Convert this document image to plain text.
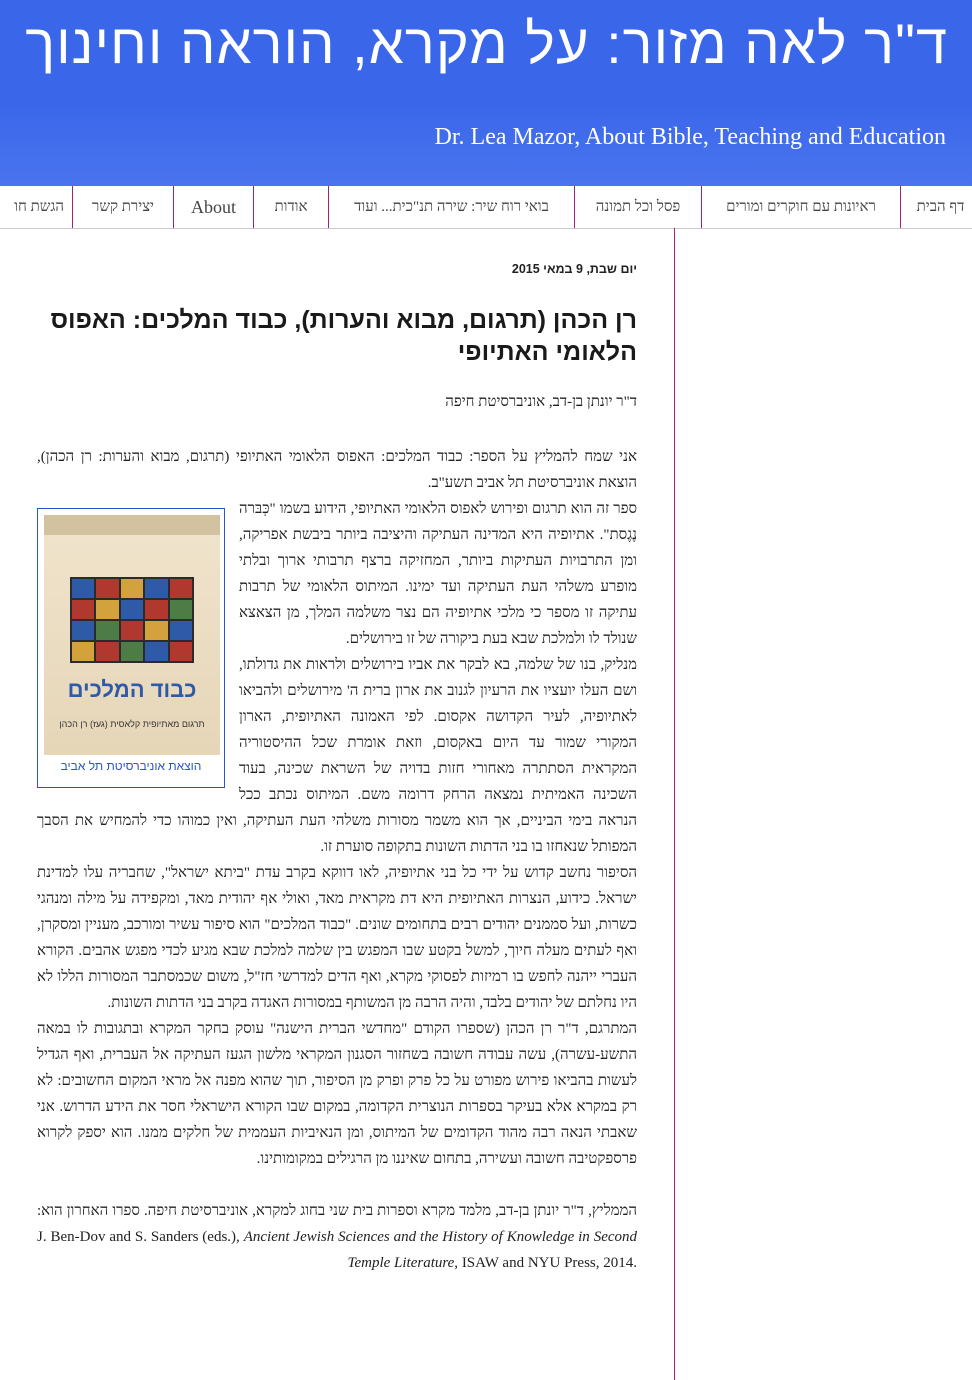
ד"ר לאה מזור: על מקרא, הוראה וחינוך
Dr. Lea Mazor, About Bible, Teaching and Education
דף הבית
ראיונות עם חוקרים ומורים
פסל וכל תמונה
בואי רוח שיר: שירה תנ"כית... ועוד
אודות
About
יצירת קשר
הגשת חו
יום שבת, 9 במאי 2015
רן הכהן (תרגום, מבוא והערות), כבוד המלכים: האפוס הלאומי האתיופי
ד"ר יונתן בן-דב, אוניברסיטת חיפה

אני שמח להמליץ על הספר: כבוד המלכים: האפוס הלאומי האתיופי (תרגום, מבוא והערות: רן הכהן), הוצאת אוניברסיטת תל אביב תשע"ב.

כבוד המלכים
תרגום מאתיופית קלאסית (געז) רן הכהן
הוצאת אוניברסיטת תל אביב

ספר זה הוא תרגום ופירוש לאפוס הלאומי האתיופי, הידוע בשמו "כְּבּרה נֶגֶסת". אתיופיה היא המדינה העתיקה והיציבה ביותר ביבשת אפריקה, ומן התרבויות העתיקות ביותר, המחזיקה ברצף תרבותי ארוך ובלתי מופרע משלהי העת העתיקה ועד ימינו. המיתוס הלאומי של תרבות עתיקה זו מספר כי מלכי אתיופיה הם נצר משלמה המלך, מן הצאצא שנולד לו ולמלכת שבא בעת ביקורה של זו בירושלים.

מנליק, בנו של שלמה, בא לבקר את אביו בירושלים ולראות את גדולתו, ושם העלו יועציו את הרעיון לגנוב את ארון ברית ה' מירושלים ולהביאו לאתיופיה, לעיר הקדושה אקסום. לפי האמונה האתיופית, הארון המקורי שמור עד היום באקסום, וזאת אומרת שכל ההיסטוריה המקראית הסתתרה מאחורי חזות בדויה של השראת שכינה, בעוד השכינה האמיתית נמצאה הרחק דרומה משם. המיתוס נכתב ככל הנראה בימי הביניים, אך הוא משמר מסורות משלהי העת העתיקה, ואין כמוהו כדי להמחיש את הסבך המפותל שנאחזו בו בני הדתות השונות בתקופה סוערת זו.

הסיפור נחשב קדוש על ידי כל בני אתיופיה, לאו דווקא בקרב עדת "ביתא ישראל", שחבריה עלו למדינת ישראל. כידוע, הנצרות האתיופית היא דת מקראית מאד, ואולי אף יהודית מאד, ומקפידה על מילה ומנהגי כשרות, ועל סממנים יהודים רבים בתחומים שונים. "כבוד המלכים" הוא סיפור עשיר ומורכב, מעניין ומסקרן, ואף לעתים מעלה חיוך, למשל בקטע שבו המפגש בין שלמה למלכת שבא מגיע לכדי מפגש אהבים. הקורא העברי ייהנה לחפש בו רמיזות לפסוקי מקרא, ואף הדים למדרשי חז"ל, משום שכמסתבר המסורות הללו לא היו נחלתם של יהודים בלבד, והיה הרבה מן המשותף במסורות האגדה בקרב בני הדתות השונות.

המתרגם, ד"ר רן הכהן (שספרו הקודם "מחדשי הברית הישנה" עוסק בחקר המקרא ובתגובות לו במאה התשע-עשרה), עשה עבודה חשובה בשחזור הסגנון המקראי מלשון הגעז העתיקה אל העברית, ואף הגדיל לעשות בהביאו פירוש מפורט על כל פרק ופרק מן הסיפור, תוך שהוא מפנה אל מראי המקום החשובים: לא רק במקרא אלא בעיקר בספרות הנוצרית הקדומה, במקום שבו הקורא הישראלי חסר את הידע הדרוש. אני שאבתי הנאה רבה מהוד הקדומים של המיתוס, ומן הנאיביות העממית של חלקים ממנו. הוא יספק לקרוא פרספקטיבה חשובה ועשירה, בתחום שאיננו מן הרגילים במקומותינו.

הממליץ, ד"ר יונתן בן-דב, מלמד מקרא וספרות בית שני בחוג למקרא, אוניברסיטת חיפה. ספרו האחרון הוא: J. Ben-Dov and S. Sanders (eds.), Ancient Jewish Sciences and the History of Knowledge in Second Temple Literature, ISAW and NYU Press, 2014.
